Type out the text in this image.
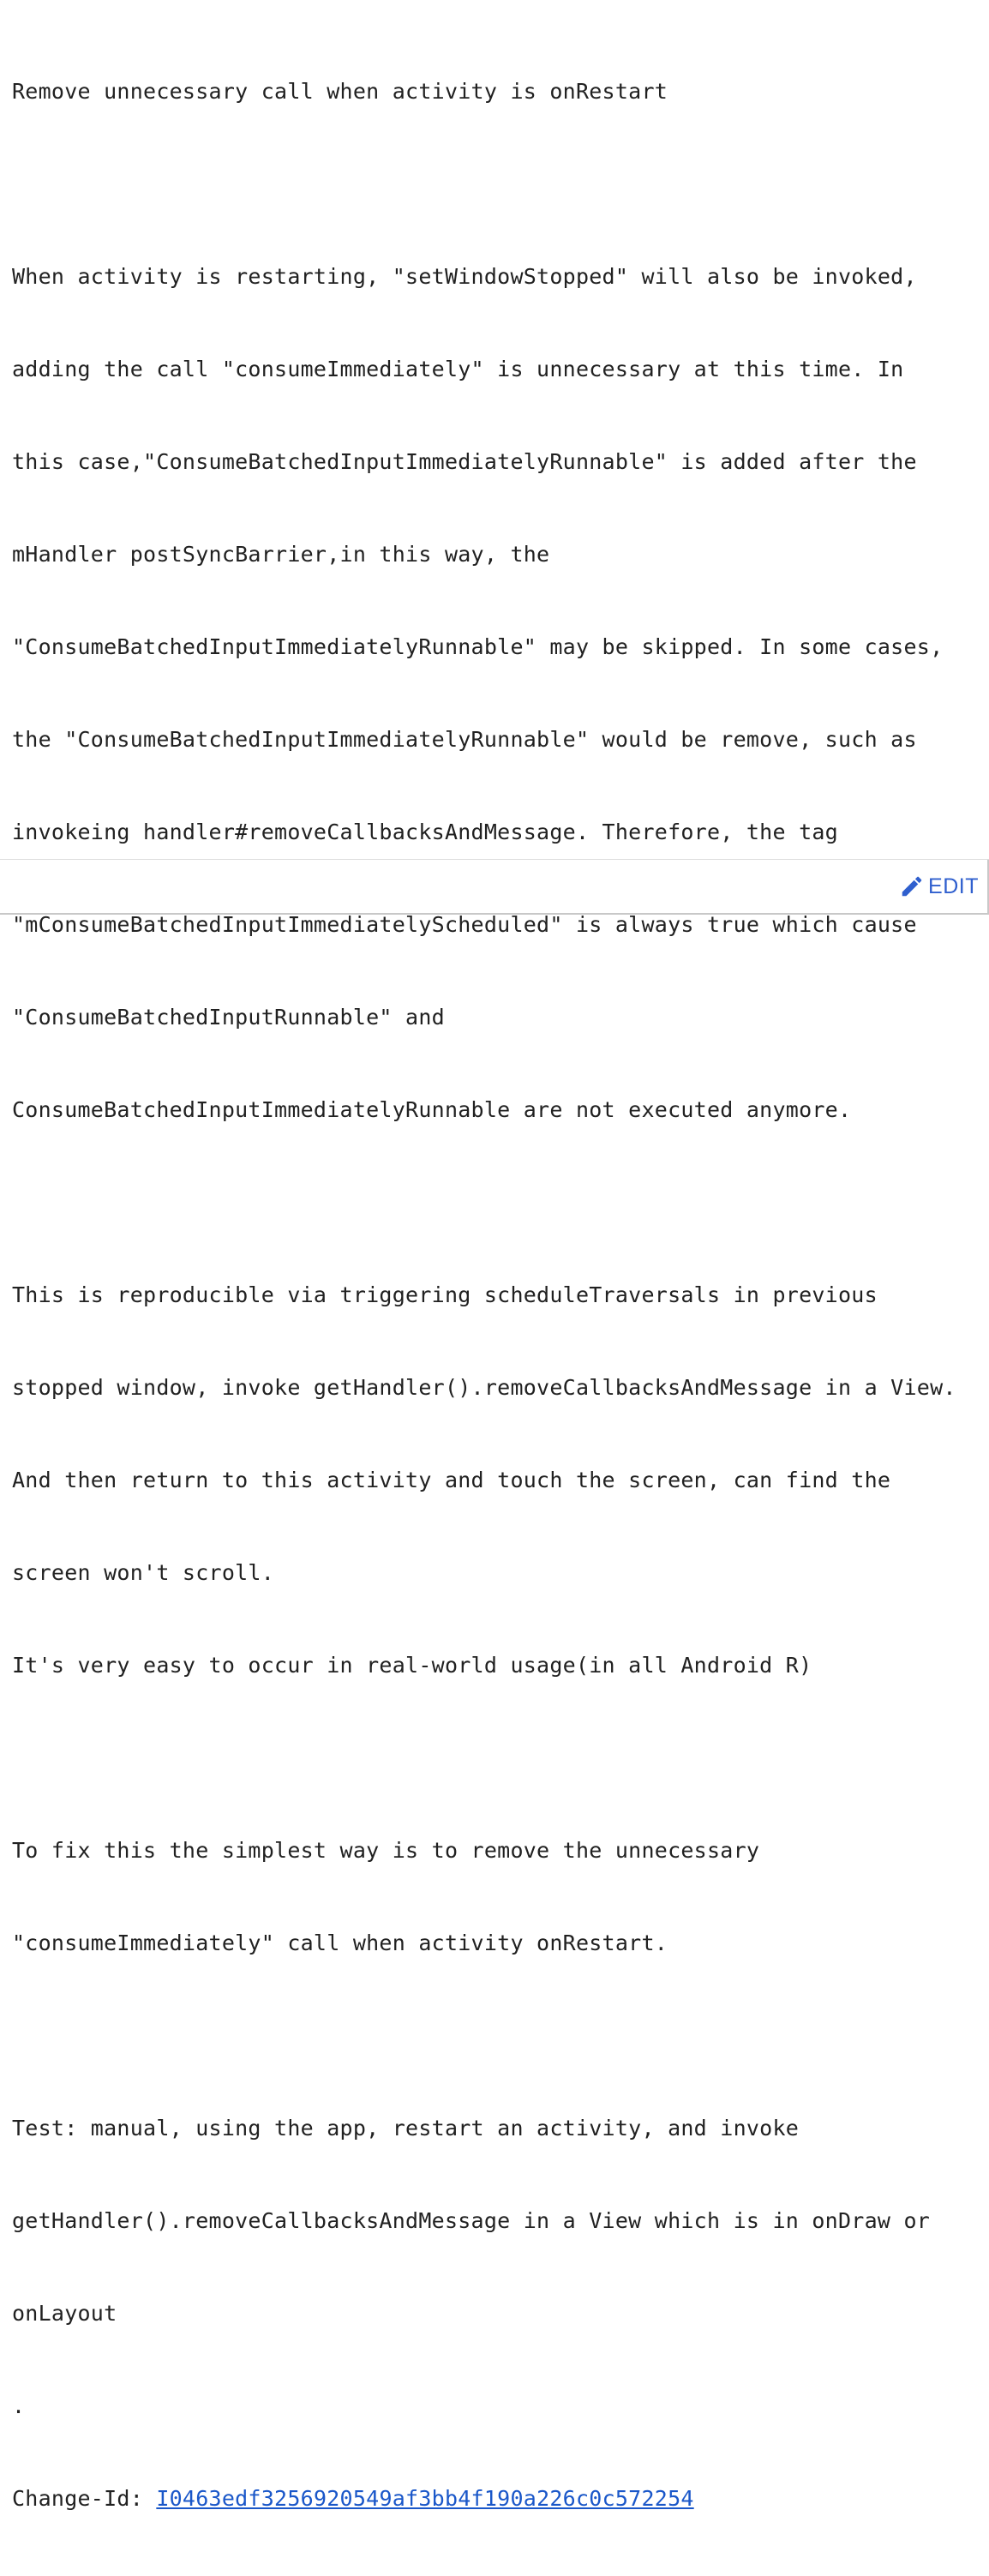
Remove unnecessary call when activity is onRestart

When activity is restarting, "setWindowStopped" will also be invoked,

adding the call "consumeImmediately" is unnecessary at this time. In

this case,"ConsumeBatchedInputImmediatelyRunnable" is added after the

mHandler postSyncBarrier,in this way, the

"ConsumeBatchedInputImmediatelyRunnable" may be skipped. In some cases,

the "ConsumeBatchedInputImmediatelyRunnable" would be remove, such as

invokeing handler#removeCallbacksAndMessage. Therefore, the tag

"mConsumeBatchedInputImmediatelyScheduled" is always true which cause

"ConsumeBatchedInputRunnable" and

ConsumeBatchedInputImmediatelyRunnable are not executed anymore.

This is reproducible via triggering scheduleTraversals in previous

stopped window, invoke getHandler().removeCallbacksAndMessage in a View.

And then return to this activity and touch the screen, can find the

screen won't scroll.

It's very easy to occur in real-world usage(in all Android R)

To fix this the simplest way is to remove the unnecessary

"consumeImmediately" call when activity onRestart.

Test: manual, using the app, restart an activity, and invoke

getHandler().removeCallbacksAndMessage in a View which is in onDraw or

onLayout

.

Change-Id: I0463edf3256920549af3bb4f190a226c0c572254

EDIT
